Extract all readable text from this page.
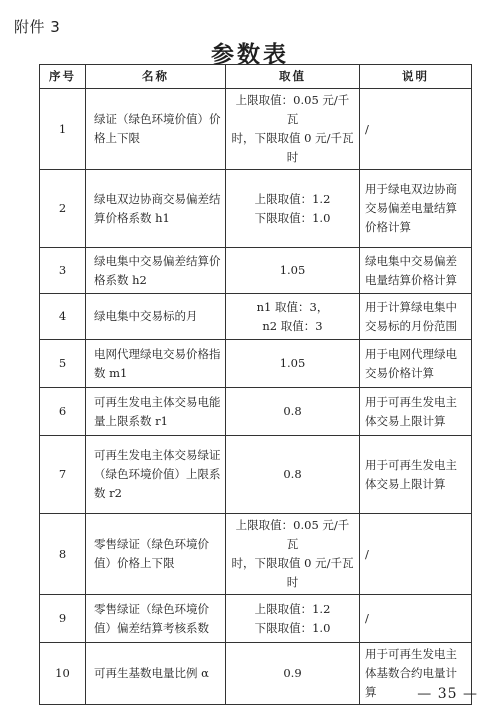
附件 3
参数表
序号	名称	取值	说明
1	绿证（绿色环境价值）价格上下限	上限取值：0.05 元/千瓦
时，下限取值 0 元/千瓦时	/
2	绿电双边协商交易偏差结算价格系数 h1	上限取值：1.2
下限取值：1.0	用于绿电双边协商交易偏差电量结算价格计算
3	绿电集中交易偏差结算价格系数 h2	1.05	绿电集中交易偏差电量结算价格计算
4	绿电集中交易标的月	n1 取值：3，
n2 取值：3	用于计算绿电集中交易标的月份范围
5	电网代理绿电交易价格指数 m1	1.05	用于电网代理绿电交易价格计算
6	可再生发电主体交易电能量上限系数 r1	0.8	用于可再生发电主体交易上限计算
7	可再生发电主体交易绿证（绿色环境价值）上限系数 r2	0.8	用于可再生发电主体交易上限计算
8	零售绿证（绿色环境价值）价格上下限	上限取值：0.05 元/千瓦
时，下限取值 0 元/千瓦时	/
9	零售绿证（绿色环境价值）偏差结算考核系数	上限取值：1.2
下限取值：1.0	/
10	可再生基数电量比例 α	0.9	用于可再生发电主体基数合约电量计算	— 35 —
